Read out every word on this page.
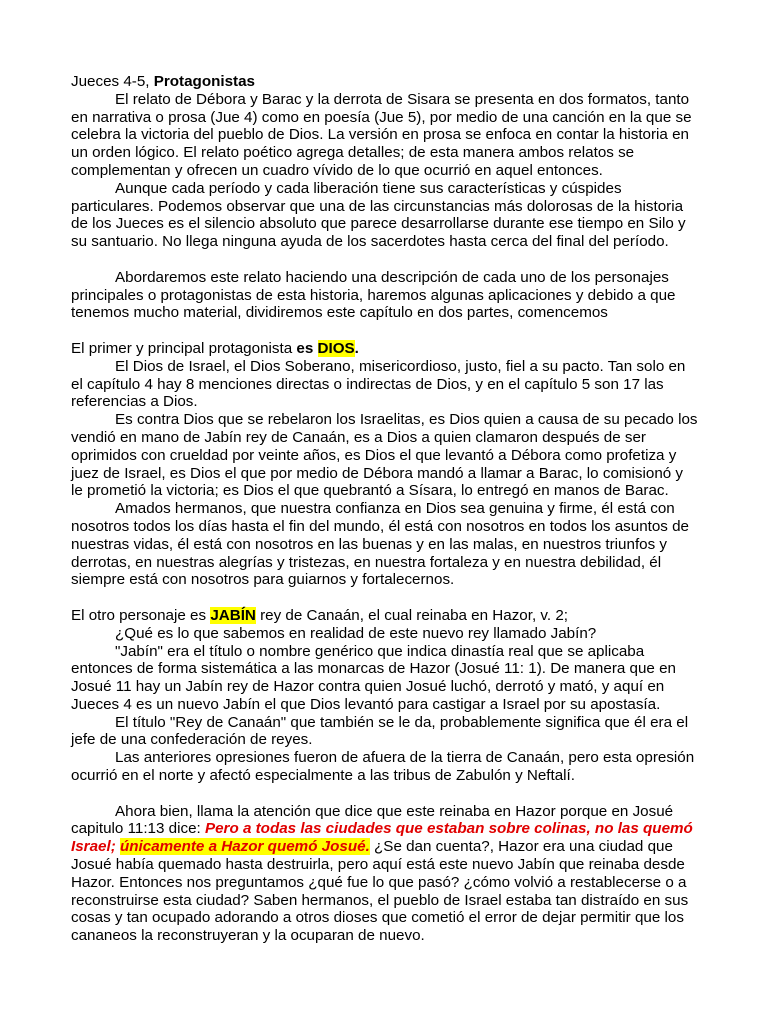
Jueces 4-5, Protagonistas

El relato de Débora y Barac y la derrota de Sisara se presenta en dos formatos, tanto en narrativa o prosa (Jue 4) como en poesía (Jue 5), por medio de una canción en la que se celebra la victoria del pueblo de Dios. La versión en prosa se enfoca en contar la historia en un orden lógico. El relato poético agrega detalles; de esta manera ambos relatos se complementan y ofrecen un cuadro vívido de lo que ocurrió en aquel entonces.

Aunque cada período y cada liberación tiene sus características y cúspides particulares. Podemos observar que una de las circunstancias más dolorosas de la historia de los Jueces es el silencio absoluto que parece desarrollarse durante ese tiempo en Silo y su santuario. No llega ninguna ayuda de los sacerdotes hasta cerca del final del período.

Abordaremos este relato haciendo una descripción de cada uno de los personajes principales o protagonistas de esta historia, haremos algunas aplicaciones y debido a que tenemos mucho material, dividiremos este capítulo en dos partes, comencemos

El primer y principal protagonista es DIOS.

El Dios de Israel, el Dios Soberano, misericordioso, justo, fiel a su pacto. Tan solo en el capítulo 4 hay 8 menciones directas o indirectas de Dios, y en el capítulo 5 son 17 las referencias a Dios.

Es contra Dios que se rebelaron los Israelitas, es Dios quien a causa de su pecado los vendió en mano de Jabín rey de Canaán, es a Dios a quien clamaron después de ser oprimidos con crueldad por veinte años, es Dios el que levantó a Débora como profetiza y juez de Israel, es Dios el que por medio de Débora mandó a llamar a Barac, lo comisionó y le prometió la victoria; es Dios el que quebrantó a Sísara, lo entregó en manos de Barac.

Amados hermanos, que nuestra confianza en Dios sea genuina y firme, él está con nosotros todos los días hasta el fin del mundo, él está con nosotros en todos los asuntos de nuestras vidas, él está con nosotros en las buenas y en las malas, en nuestros triunfos y derrotas, en nuestras alegrías y tristezas, en nuestra fortaleza y en nuestra debilidad, él siempre está con nosotros para guiarnos y fortalecernos.

El otro personaje es JABÍN rey de Canaán, el cual reinaba en Hazor, v. 2;

¿Qué es lo que sabemos en realidad de este nuevo rey llamado Jabín?

"Jabín" era el título o nombre genérico que indica dinastía real que se aplicaba entonces de forma sistemática a las monarcas de Hazor (Josué 11: 1). De manera que en Josué 11 hay un Jabín rey de Hazor contra quien Josué luchó, derrotó y mató, y aquí en Jueces 4 es un nuevo Jabín el que Dios levantó para castigar a Israel por su apostasía.

El título "Rey de Canaán" que también se le da, probablemente significa que él era el jefe de una confederación de reyes.

Las anteriores opresiones fueron de afuera de la tierra de Canaán, pero esta opresión ocurrió en el norte y afectó especialmente a las tribus de Zabulón y Neftalí.

Ahora bien, llama la atención que dice que este reinaba en Hazor porque en Josué capitulo 11:13 dice: Pero a todas las ciudades que estaban sobre colinas, no las quemó Israel; únicamente a Hazor quemó Josué. ¿Se dan cuenta?, Hazor era una ciudad que Josué había quemado hasta destruirla, pero aquí está este nuevo Jabín que reinaba desde Hazor. Entonces nos preguntamos ¿qué fue lo que pasó? ¿cómo volvió a restablecerse o a reconstruirse esta ciudad? Saben hermanos, el pueblo de Israel estaba tan distraído en sus cosas y tan ocupado adorando a otros dioses que cometió el error de dejar permitir que los cananeos la reconstruyeran y la ocuparan de nuevo.
